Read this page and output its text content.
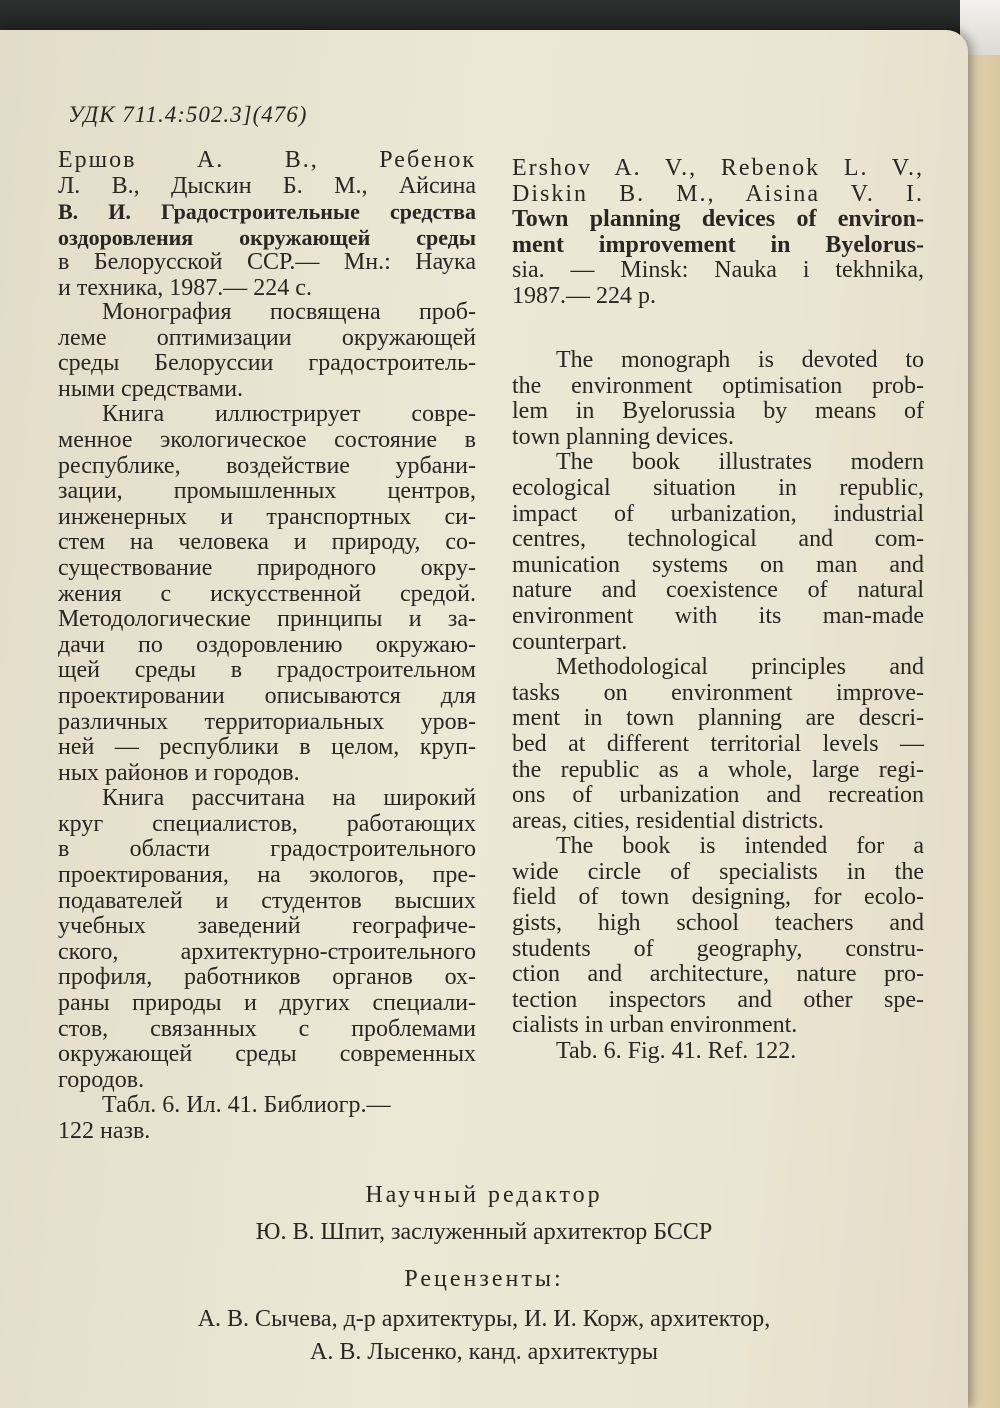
УДК 711.4:502.3](476)

Ершов А. В., Ребенок
Л. В., Дыскин Б. М., Айсина
В. И. Градостроительные средства
оздоровления окружающей среды
в Белорусской ССР.— Мн.: Наука
и техника, 1987.— 224 с.
Монография посвящена проб-
леме оптимизации окружающей
среды Белоруссии градостроитель-
ными средствами.
Книга иллюстрирует совре-
менное экологическое состояние в
республике, воздействие урбани-
зации, промышленных центров,
инженерных и транспортных си-
стем на человека и природу, со-
существование природного окру-
жения с искусственной средой.
Методологические принципы и за-
дачи по оздоровлению окружаю-
щей среды в градостроительном
проектировании описываются для
различных территориальных уров-
ней — республики в целом, круп-
ных районов и городов.
Книга рассчитана на широкий
круг специалистов, работающих
в области градостроительного
проектирования, на экологов, пре-
подавателей и студентов высших
учебных заведений географиче-
ского, архитектурно-строительного
профиля, работников органов ох-
раны природы и других специали-
стов, связанных с проблемами
окружающей среды современных
городов.
Табл. 6. Ил. 41. Библиогр.—
122 назв.
Ershov A. V., Rebenok L. V.,
Diskin B. M., Aisina V. I.
Town planning devices of environ-
ment improvement in Byelorus-
sia. — Minsk: Nauka i tekhnika,
1987.— 224 p.
The monograph is devoted to
the environment optimisation prob-
lem in Byelorussia by means of
town planning devices.
The book illustrates modern
ecological situation in republic,
impact of urbanization, industrial
centres, technological and com-
munication systems on man and
nature and coexistence of natural
environment with its man-made
counterpart.
Methodological principles and
tasks on environment improve-
ment in town planning are descri-
bed at different territorial levels —
the republic as a whole, large regi-
ons of urbanization and recreation
areas, cities, residential districts.
The book is intended for a
wide circle of specialists in the
field of town designing, for ecolo-
gists, high school teachers and
students of geography, constru-
ction and architecture, nature pro-
tection inspectors and other spe-
cialists in urban environment.
Tab. 6. Fig. 41. Ref. 122.
Научный редактор
Ю. В. Шпит, заслуженный архитектор БССР
Рецензенты:
А. В. Сычева, д-р архитектуры, И. И. Корж, архитектор,
А. В. Лысенко, канд. архитектуры
